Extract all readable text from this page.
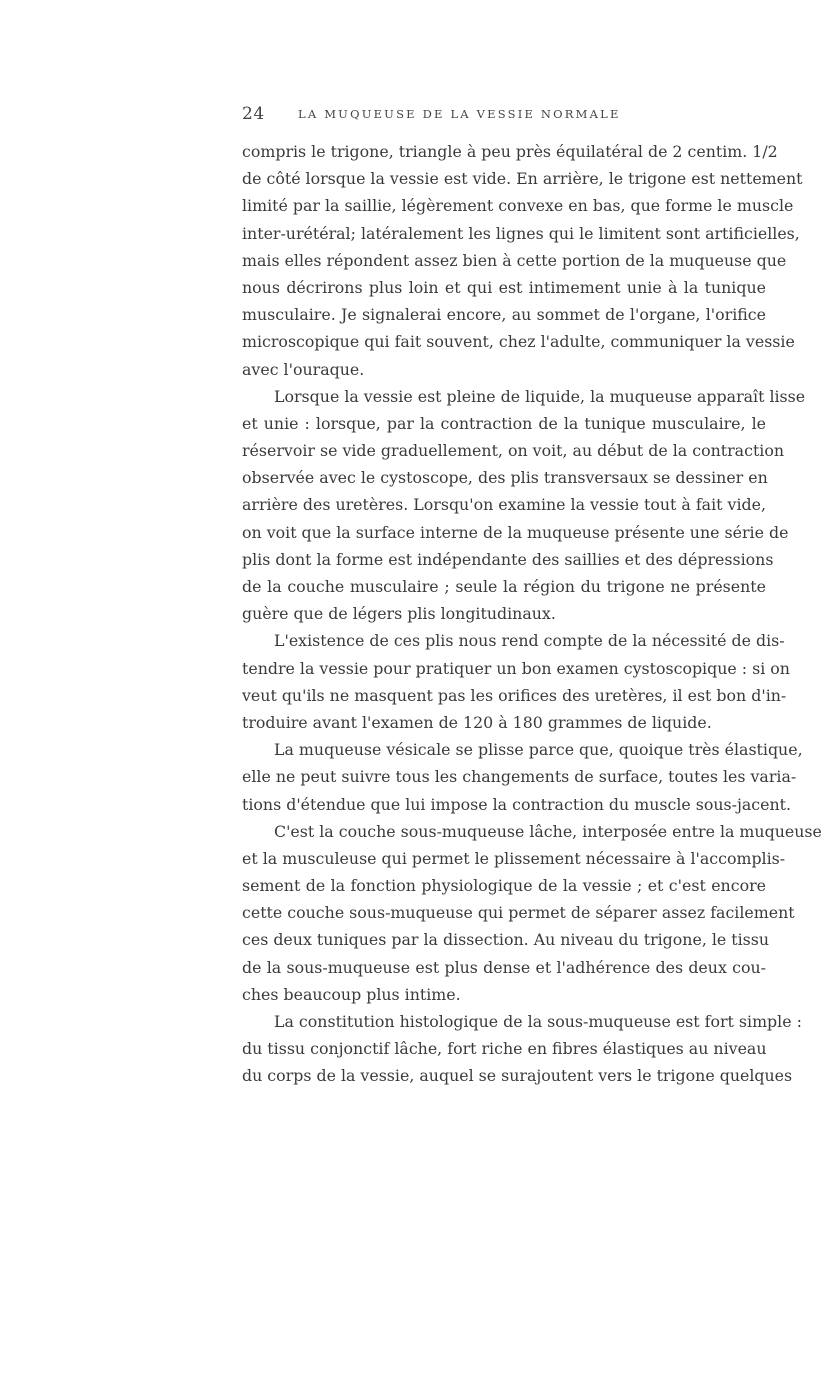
24	LA MUQUEUSE DE LA VESSIE NORMALE
compris le trigone, triangle à peu près équilatéral de 2 centim. 1/2
de côté lorsque la vessie est vide. En arrière, le trigone est nettement
limité par la saillie, légèrement convexe en bas, que forme le muscle
inter-urétéral; latéralement les lignes qui le limitent sont artificielles,
mais elles répondent assez bien à cette portion de la muqueuse que
nous décrirons plus loin et qui est intimement unie à la tunique
musculaire. Je signalerai encore, au sommet de l'organe, l'orifice
microscopique qui fait souvent, chez l'adulte, communiquer la vessie
avec l'ouraque.
Lorsque la vessie est pleine de liquide, la muqueuse apparaît lisse
et unie : lorsque, par la contraction de la tunique musculaire, le
réservoir se vide graduellement, on voit, au début de la contraction
observée avec le cystoscope, des plis transversaux se dessiner en
arrière des uretères. Lorsqu'on examine la vessie tout à fait vide,
on voit que la surface interne de la muqueuse présente une série de
plis dont la forme est indépendante des saillies et des dépressions
de la couche musculaire ; seule la région du trigone ne présente
guère que de légers plis longitudinaux.
L'existence de ces plis nous rend compte de la nécessité de dis-
tendre la vessie pour pratiquer un bon examen cystoscopique : si on
veut qu'ils ne masquent pas les orifices des uretères, il est bon d'in-
troduire avant l'examen de 120 à 180 grammes de liquide.
La muqueuse vésicale se plisse parce que, quoique très élastique,
elle ne peut suivre tous les changements de surface, toutes les varia-
tions d'étendue que lui impose la contraction du muscle sous-jacent.
C'est la couche sous-muqueuse lâche, interposée entre la muqueuse
et la musculeuse qui permet le plissement nécessaire à l'accomplis-
sement de la fonction physiologique de la vessie ; et c'est encore
cette couche sous-muqueuse qui permet de séparer assez facilement
ces deux tuniques par la dissection. Au niveau du trigone, le tissu
de la sous-muqueuse est plus dense et l'adhérence des deux cou-
ches beaucoup plus intime.
La constitution histologique de la sous-muqueuse est fort simple :
du tissu conjonctif lâche, fort riche en fibres élastiques au niveau
du corps de la vessie, auquel se surajoutent vers le trigone quelques
